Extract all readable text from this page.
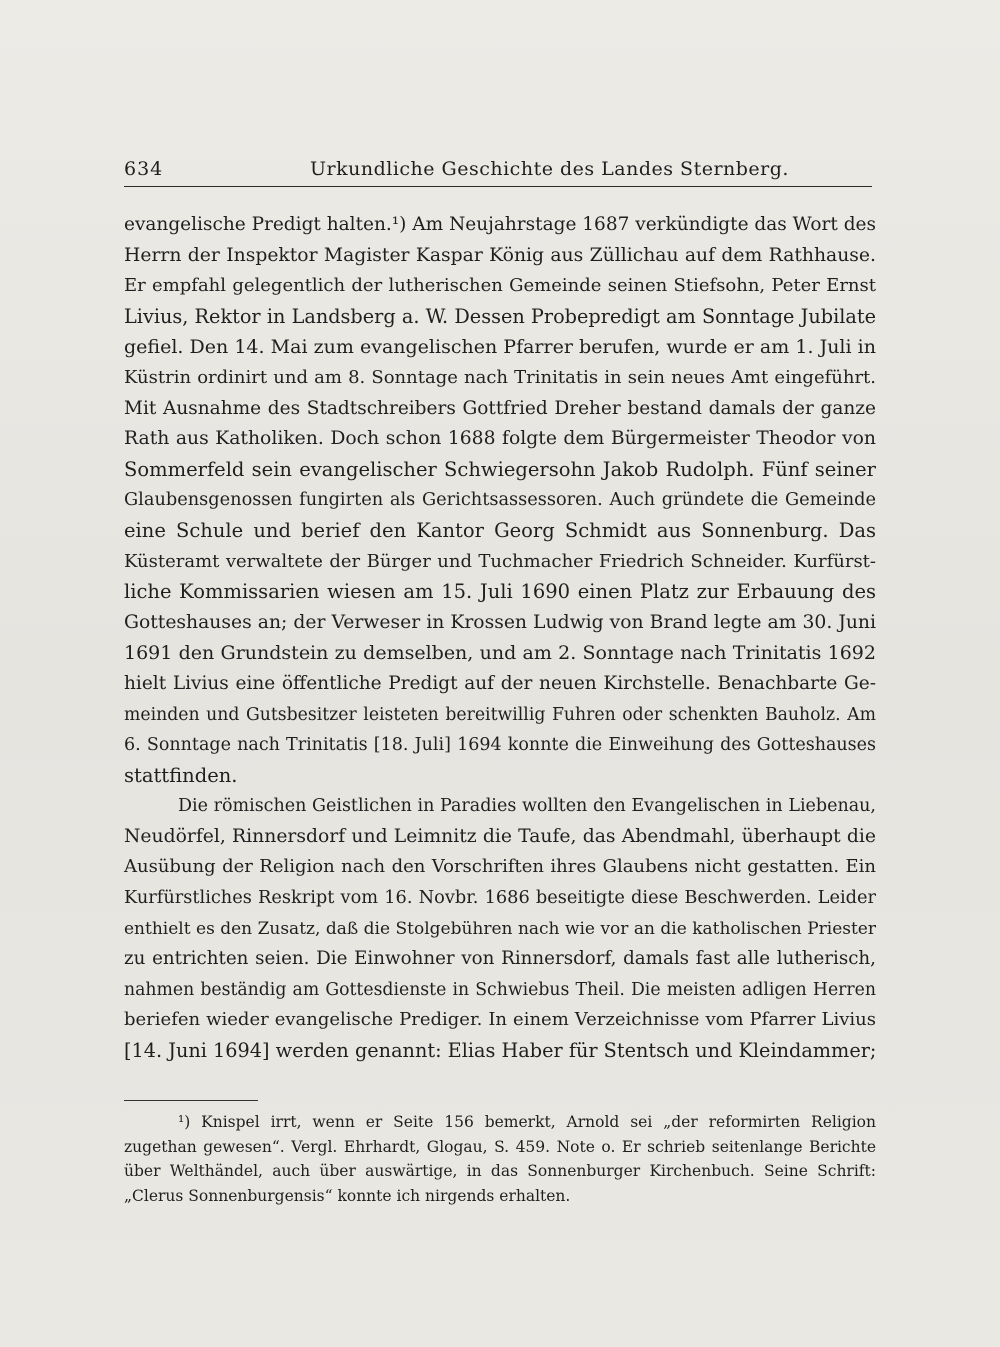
634	Urkundliche Geschichte des Landes Sternberg.

evangelische Predigt halten.¹) Am Neujahrstage 1687 verkündigte das Wort des
Herrn der Inspektor Magister Kaspar König aus Züllichau auf dem Rathhause.
Er empfahl gelegentlich der lutherischen Gemeinde seinen Stiefsohn, Peter Ernst
Livius, Rektor in Landsberg a. W. Dessen Probepredigt am Sonntage Jubilate
gefiel. Den 14. Mai zum evangelischen Pfarrer berufen, wurde er am 1. Juli in
Küstrin ordinirt und am 8. Sonntage nach Trinitatis in sein neues Amt eingeführt.
Mit Ausnahme des Stadtschreibers Gottfried Dreher bestand damals der ganze
Rath aus Katholiken. Doch schon 1688 folgte dem Bürgermeister Theodor von
Sommerfeld sein evangelischer Schwiegersohn Jakob Rudolph. Fünf seiner
Glaubensgenossen fungirten als Gerichtsassessoren. Auch gründete die Gemeinde
eine Schule und berief den Kantor Georg Schmidt aus Sonnenburg. Das
Küsteramt verwaltete der Bürger und Tuchmacher Friedrich Schneider. Kurfürst-
liche Kommissarien wiesen am 15. Juli 1690 einen Platz zur Erbauung des
Gotteshauses an; der Verweser in Krossen Ludwig von Brand legte am 30. Juni
1691 den Grundstein zu demselben, und am 2. Sonntage nach Trinitatis 1692
hielt Livius eine öffentliche Predigt auf der neuen Kirchstelle. Benachbarte Ge-
meinden und Gutsbesitzer leisteten bereitwillig Fuhren oder schenkten Bauholz. Am
6. Sonntage nach Trinitatis [18. Juli] 1694 konnte die Einweihung des Gotteshauses
stattfinden.

Die römischen Geistlichen in Paradies wollten den Evangelischen in Liebenau,
Neudörfel, Rinnersdorf und Leimnitz die Taufe, das Abendmahl, überhaupt die
Ausübung der Religion nach den Vorschriften ihres Glaubens nicht gestatten. Ein
Kurfürstliches Reskript vom 16. Novbr. 1686 beseitigte diese Beschwerden. Leider
enthielt es den Zusatz, daß die Stolgebühren nach wie vor an die katholischen Priester
zu entrichten seien. Die Einwohner von Rinnersdorf, damals fast alle lutherisch,
nahmen beständig am Gottesdienste in Schwiebus Theil. Die meisten adligen Herren
beriefen wieder evangelische Prediger. In einem Verzeichnisse vom Pfarrer Livius
[14. Juni 1694] werden genannt: Elias Haber für Stentsch und Kleindammer;

¹) Knispel irrt, wenn er Seite 156 bemerkt, Arnold sei „der reformirten Religion
zugethan gewesen“. Vergl. Ehrhardt, Glogau, S. 459. Note o. Er schrieb seitenlange Berichte
über Welthändel, auch über auswärtige, in das Sonnenburger Kirchenbuch. Seine Schrift:
„Clerus Sonnenburgensis“ konnte ich nirgends erhalten.
